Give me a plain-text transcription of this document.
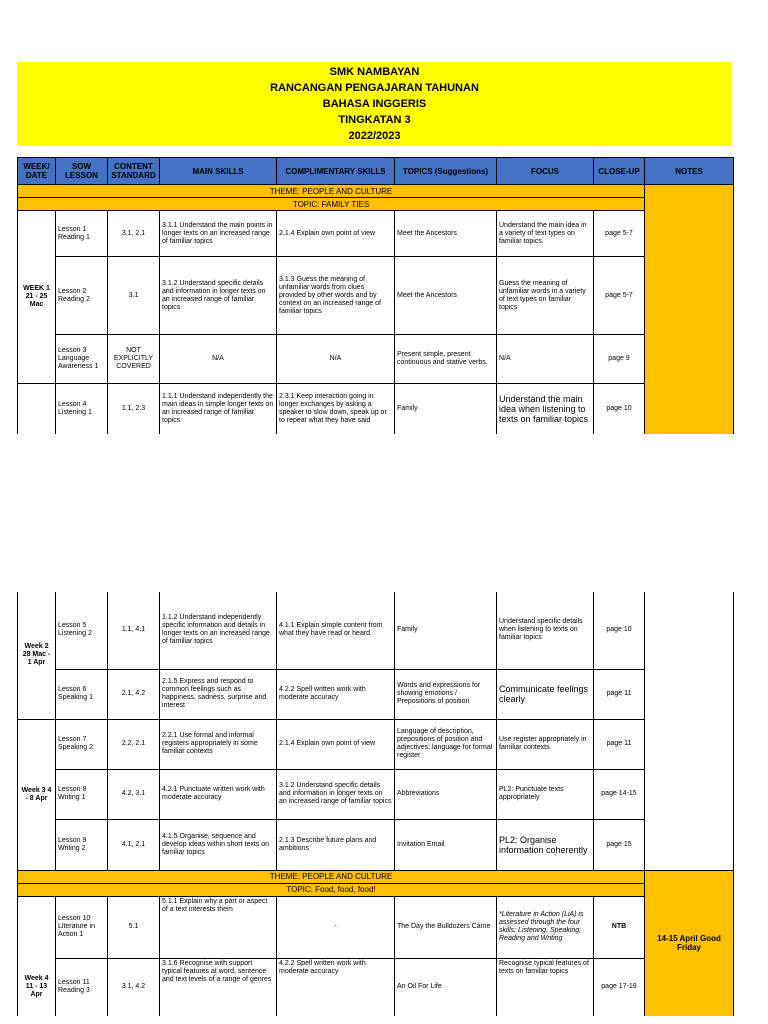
SMK NAMBAYAN
RANCANGAN PENGAJARAN TAHUNAN
BAHASA INGGERIS
TINGKATAN 3
2022/2023
WEEK/ DATE	SOW LESSON	CONTENT STANDARD	MAIN SKILLS	COMPLIMENTARY SKILLS	TOPICS (Suggestions)	FOCUS	CLOSE-UP	NOTES
THEME: PEOPLE AND CULTURE								
TOPIC: FAMILY TIES								
WEEK 1 21 - 25 Mac	Lesson 1 Reading 1	3.1, 2.1	3.1.1 Understand the main points in longer texts on an increased range of familiar topics	2.1.4 Explain own point of view	Meet the Ancestors	Understand the main idea in a variety of text types on familiar topics.	page 5-7	
	Lesson 2 Reading 2	3.1	3.1.2 Understand specific details and information in longer texts on an increased range of familiar topics	3.1.3 Guess the meaning of unfamiliar words from clues provided by other words and by context on an increased range of familiar topics	Meet the Ancestors	Guess the meaning of unfamiliar words in a variety of text types on familiar topics	page 5-7	
	Lesson 3 Language Awareness 1	NOT EXPLICITLY COVERED	N/A	N/A	Present simple, present continuous and stative verbs.	N/A	page 9	
	Lesson 4 Listening 1	1.1, 2.3	1.1.1 Understand independently the main ideas in simple longer texts on an increased range of familiar topics	2.3.1 Keep interaction going in longer exchanges by asking a speaker to slow down, speak up or to repeat what they have said	Family	Understand the main idea when listening to texts on familiar topics	page 10	
Week 2 28 Mac - 1 Apr	Lesson 5 Listening 2	1.1, 4.1	1.1.2 Understand independently specific information and details in longer texts on an increased range of familiar topics	4.1.1 Explain simple content from what they have read or heard	Family	Understand specific details when listening to texts on familiar topics	page 10	
	Lesson 6 Speaking 1	2.1, 4.2	2.1.5 Express and respond to common feelings such as happiness, sadness, surprise and interest	4.2.2 Spell written work with moderate accuracy	Words and expressions for showing emotions / Prepositions of position	Communicate feelings clearly	page 11	
Week 3 4 - 8 Apr	Lesson 7 Speaking 2	2.2, 2.1	2.2.1 Use formal and informal registers appropriately in some familiar contexts	2.1.4 Explain own point of view	Language of description, prepositions of position and adjectives; language for formal register	Use register appropriately in familiar contexts	page 11	
	Lesson 8 Writing 1	4.2, 3.1	4.2.1 Punctuate written work with moderate accuracy	3.1.2 Understand specific details and information in longer texts on an increased range of familiar topics	Abbreviations	PL2: Punctuate texts appropriately	page 14-15	
	Lesson 9 Writing 2	4.1, 2.1	4.1.5 Organise, sequence and develop ideas within short texts on familiar topics	2.1.3 Describe future plans and ambitions	Invitation Email	PL2: Organise information coherently	page 15	
THEME: PEOPLE AND CULTURE								14-15 April Good Friday
TOPIC: Food, food, food!								
	Lesson 10 Literature in Action 1	5.1	5.1.1 Explain why a part or aspect of a text interests them	-	The Day the Bulldozers Came	*Literature in Action (LiA) is assessed through the four skills; Listening, Speaking, Reading and Writing	NTB	
Week 4 11 - 13 Apr	Lesson 11 Reading 3	3.1, 4.2	3.1.6 Recognise with support typical features at word, sentence and text levels of a range of genres	4.2.2 Spell written work with moderate accuracy	An Oil For Life	Recognise typical features of texts on familiar topics	page 17-19	
